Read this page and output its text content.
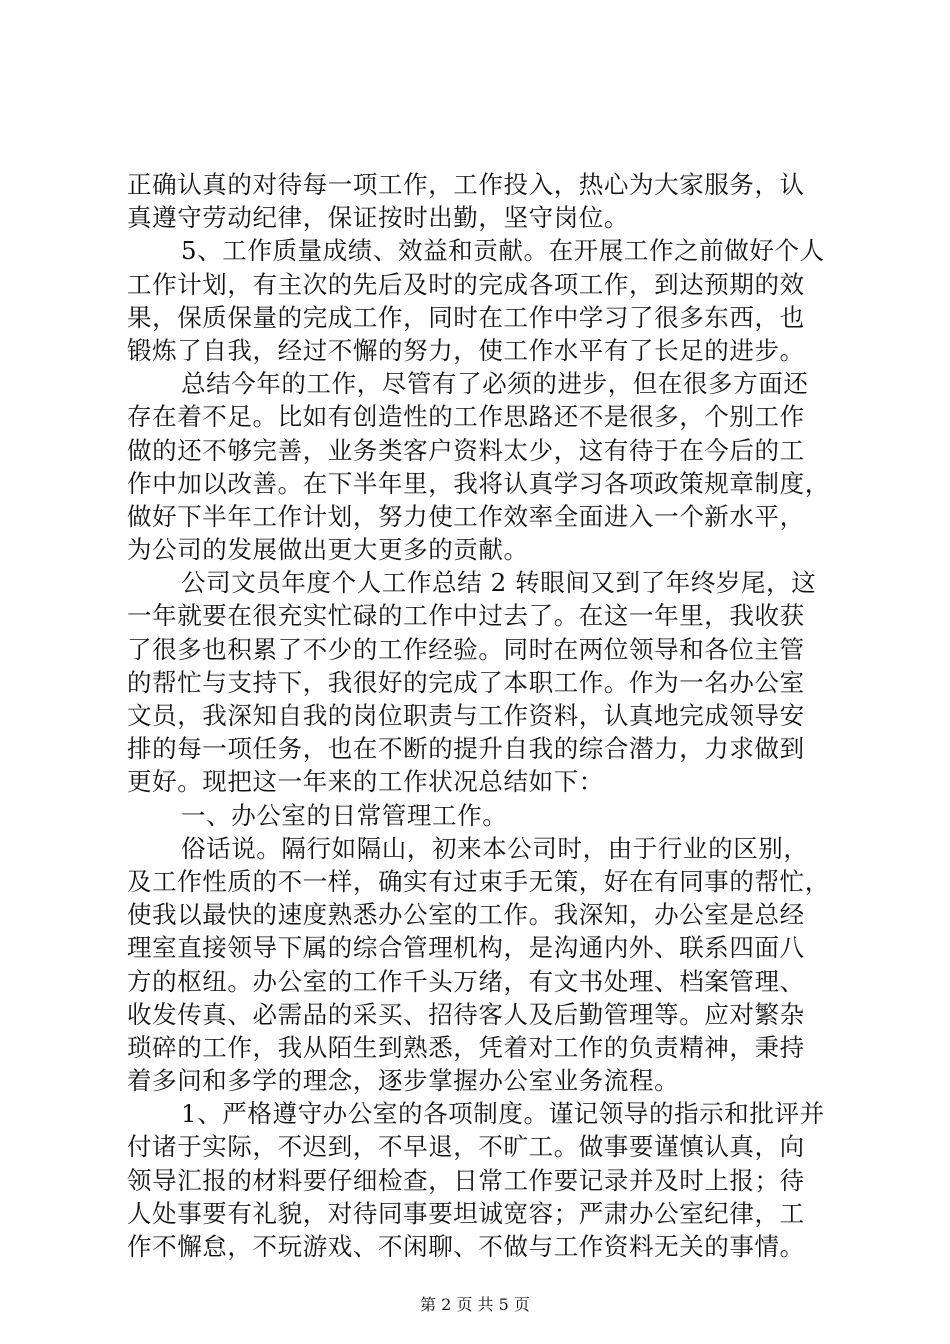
正确认真的对待每一项工作，工作投入，热心为大家服务，认
真遵守劳动纪律，保证按时出勤，坚守岗位。
5、工作质量成绩、效益和贡献。在开展工作之前做好个人
工作计划，有主次的先后及时的完成各项工作，到达预期的效
果，保质保量的完成工作，同时在工作中学习了很多东西，也
锻炼了自我，经过不懈的努力，使工作水平有了长足的进步。
总结今年的工作，尽管有了必须的进步，但在很多方面还
存在着不足。比如有创造性的工作思路还不是很多，个别工作
做的还不够完善，业务类客户资料太少，这有待于在今后的工
作中加以改善。在下半年里，我将认真学习各项政策规章制度，
做好下半年工作计划，努力使工作效率全面进入一个新水平，
为公司的发展做出更大更多的贡献。
公司文员年度个人工作总结 2 转眼间又到了年终岁尾，这
一年就要在很充实忙碌的工作中过去了。在这一年里，我收获
了很多也积累了不少的工作经验。同时在两位领导和各位主管
的帮忙与支持下，我很好的完成了本职工作。作为一名办公室
文员，我深知自我的岗位职责与工作资料，认真地完成领导安
排的每一项任务，也在不断的提升自我的综合潜力，力求做到
更好。现把这一年来的工作状况总结如下：
一、办公室的日常管理工作。
俗话说。隔行如隔山，初来本公司时，由于行业的区别，
及工作性质的不一样，确实有过束手无策，好在有同事的帮忙，
使我以最快的速度熟悉办公室的工作。我深知，办公室是总经
理室直接领导下属的综合管理机构，是沟通内外、联系四面八
方的枢纽。办公室的工作千头万绪，有文书处理、档案管理、
收发传真、必需品的采买、招待客人及后勤管理等。应对繁杂
琐碎的工作，我从陌生到熟悉，凭着对工作的负责精神，秉持
着多问和多学的理念，逐步掌握办公室业务流程。
1、严格遵守办公室的各项制度。谨记领导的指示和批评并
付诸于实际，不迟到，不早退，不旷工。做事要谨慎认真，向
领导汇报的材料要仔细检查，日常工作要记录并及时上报；待
人处事要有礼貌，对待同事要坦诚宽容；严肃办公室纪律，工
作不懈怠，不玩游戏、不闲聊、不做与工作资料无关的事情。
第 2 页 共 5 页
